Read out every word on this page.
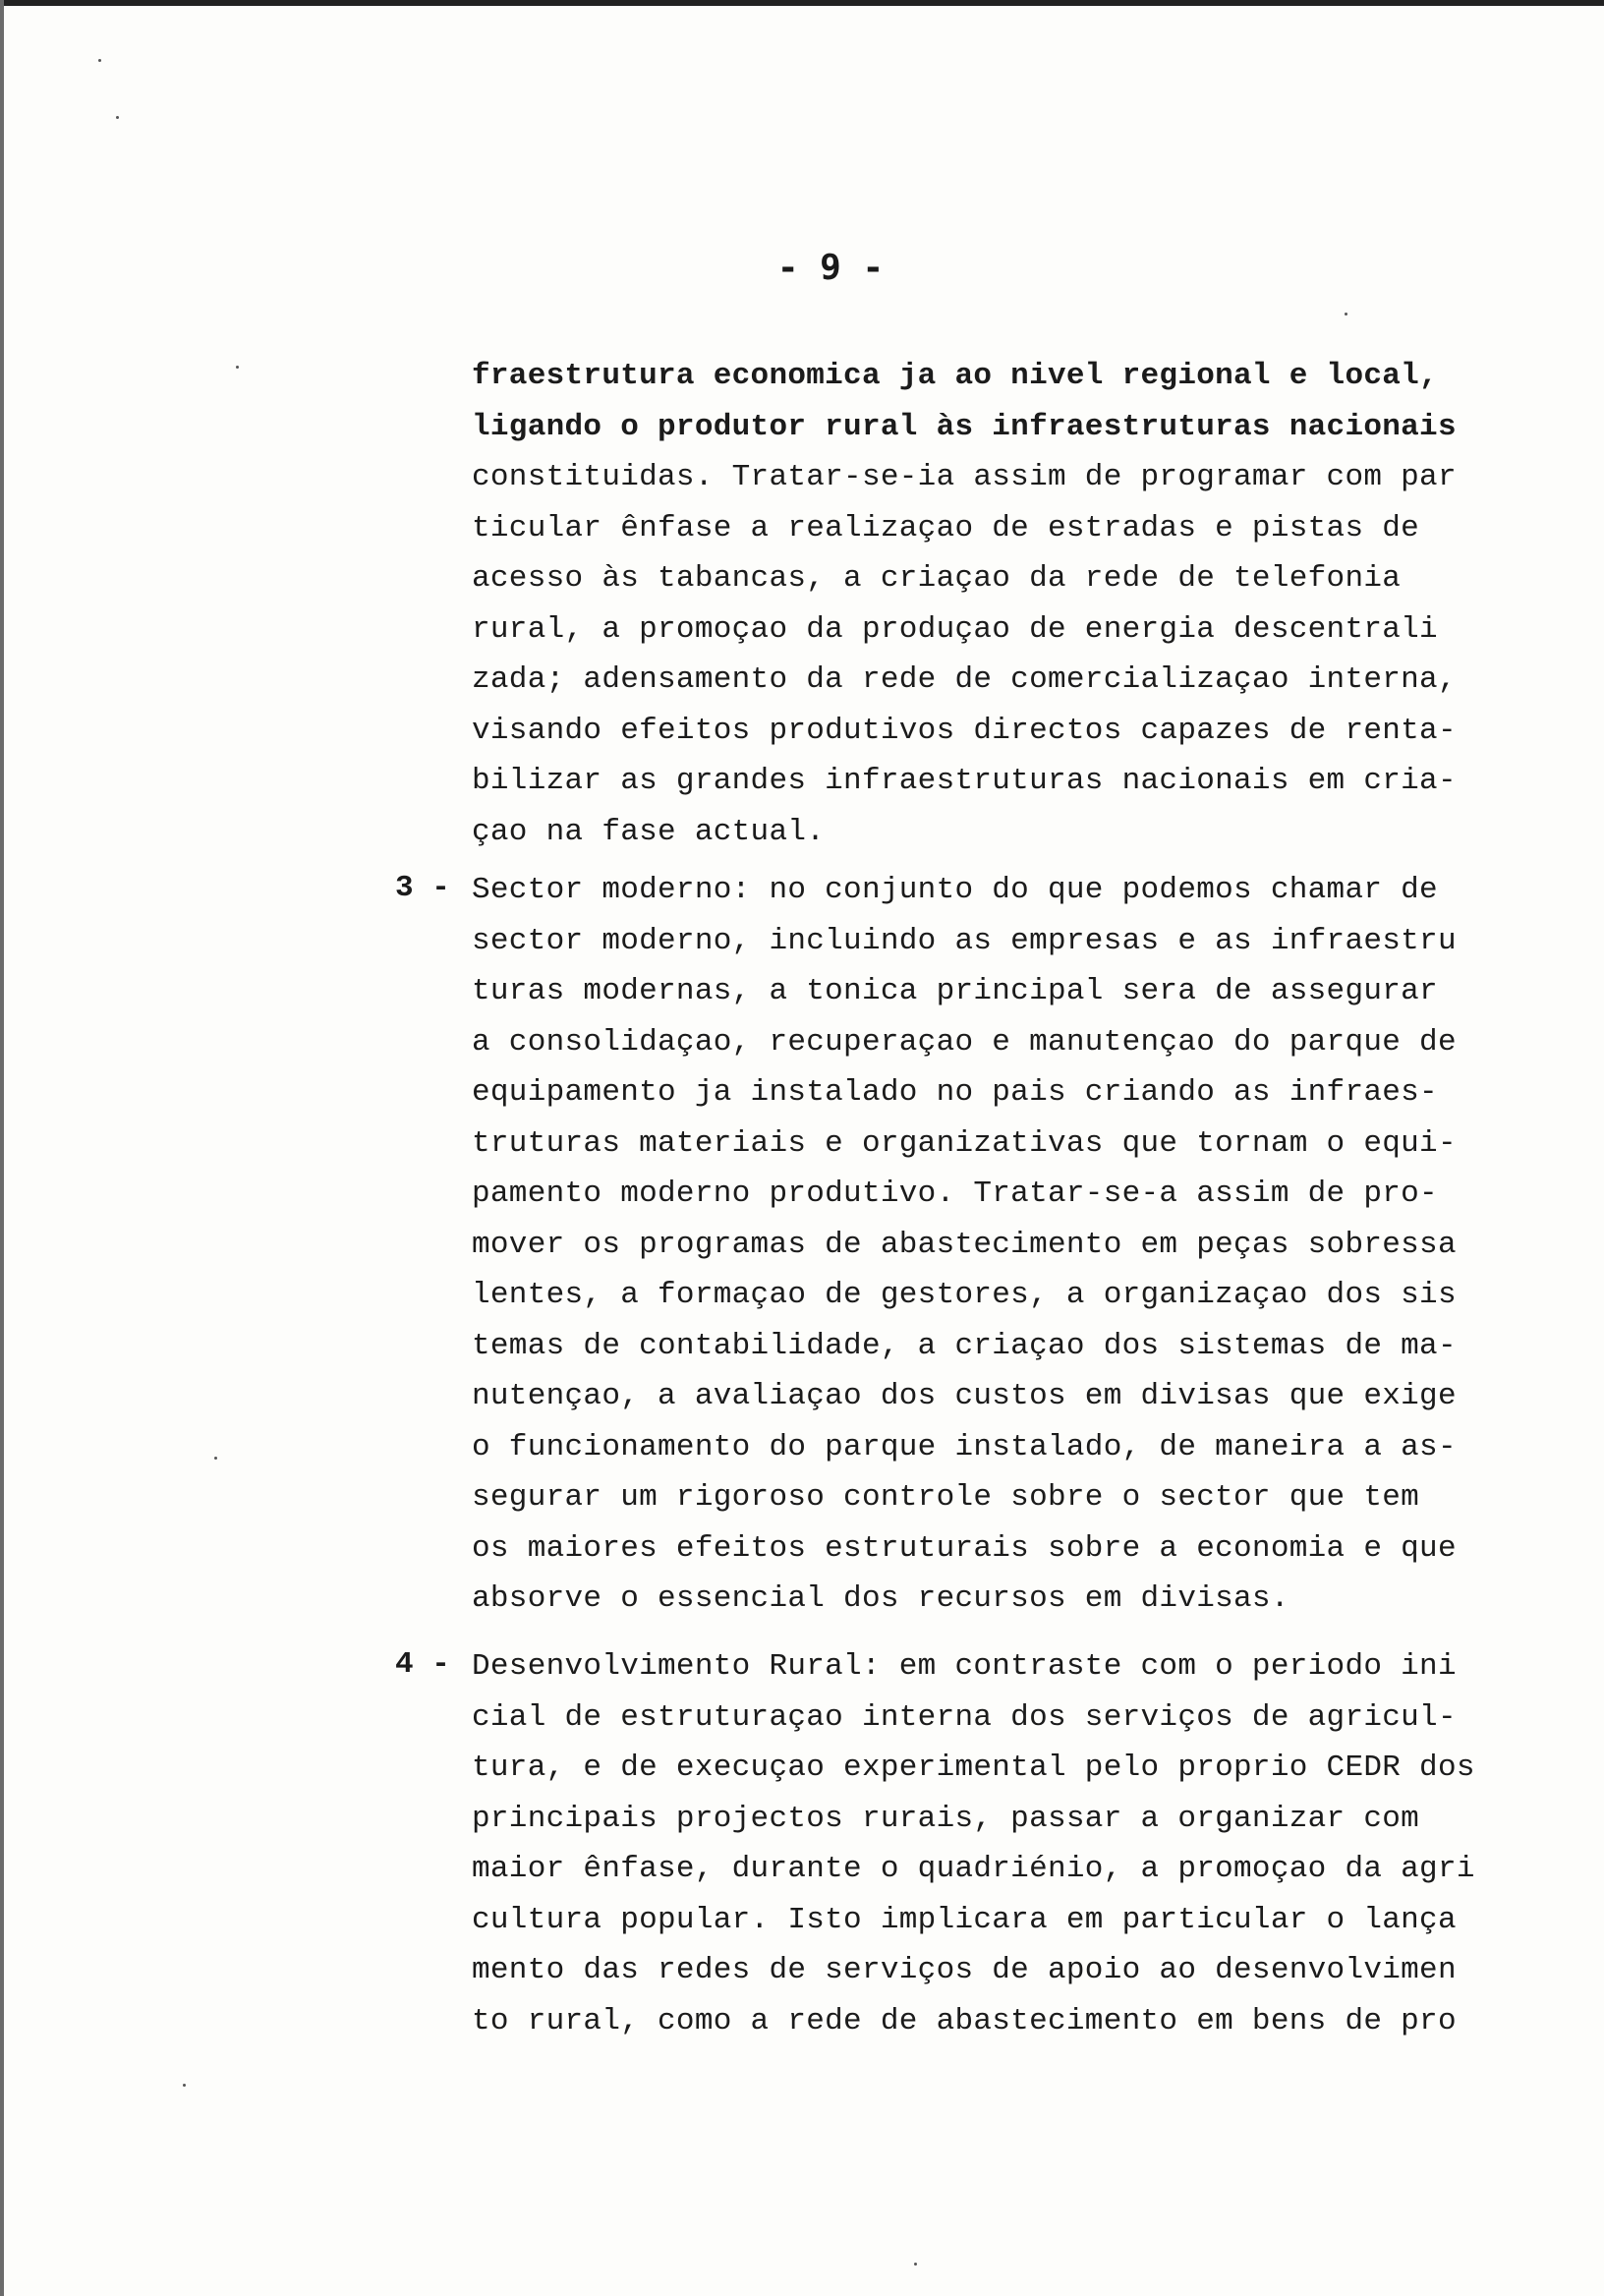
- 9 -
fraestrutura economica ja ao nivel regional e local,
ligando o produtor rural às infraestruturas nacionais
constituidas. Tratar-se-ia assim de programar com par
ticular ênfase a realizaçao de estradas e pistas de
acesso às tabancas, a criaçao da rede de telefonia
rural, a promoçao da produçao de energia descentrali
zada; adensamento da rede de comercializaçao interna,
visando efeitos produtivos directos capazes de renta-
bilizar as grandes infraestruturas nacionais em cria-
çao na fase actual.
3 - Sector moderno: no conjunto do que podemos chamar de
sector moderno, incluindo as empresas e as infraestru
turas modernas, a tonica principal sera de assegurar
a consolidaçao, recuperaçao e manutençao do parque de
equipamento ja instalado no pais criando as infraes-
truturas materiais e organizativas que tornam o equi-
pamento moderno produtivo. Tratar-se-a assim de pro-
mover os programas de abastecimento em peças sobressa
lentes, a formaçao de gestores, a organizaçao dos sis
temas de contabilidade, a criaçao dos sistemas de ma-
nutençao, a avaliaçao dos custos em divisas que exige
o funcionamento do parque instalado, de maneira a as-
segurar um rigoroso controle sobre o sector que tem
os maiores efeitos estruturais sobre a economia e que
absorve o essencial dos recursos em divisas.
4 - Desenvolvimento Rural: em contraste com o periodo ini
cial de estruturaçao interna dos serviços de agricul-
tura, e de execuçao experimental pelo proprio CEDR dos
principais projectos rurais, passar a organizar com
maior ênfase, durante o quadriénio, a promoçao da agri
cultura popular. Isto implicara em particular o lança
mento das redes de serviços de apoio ao desenvolvimen
to rural, como a rede de abastecimento em bens de pro
